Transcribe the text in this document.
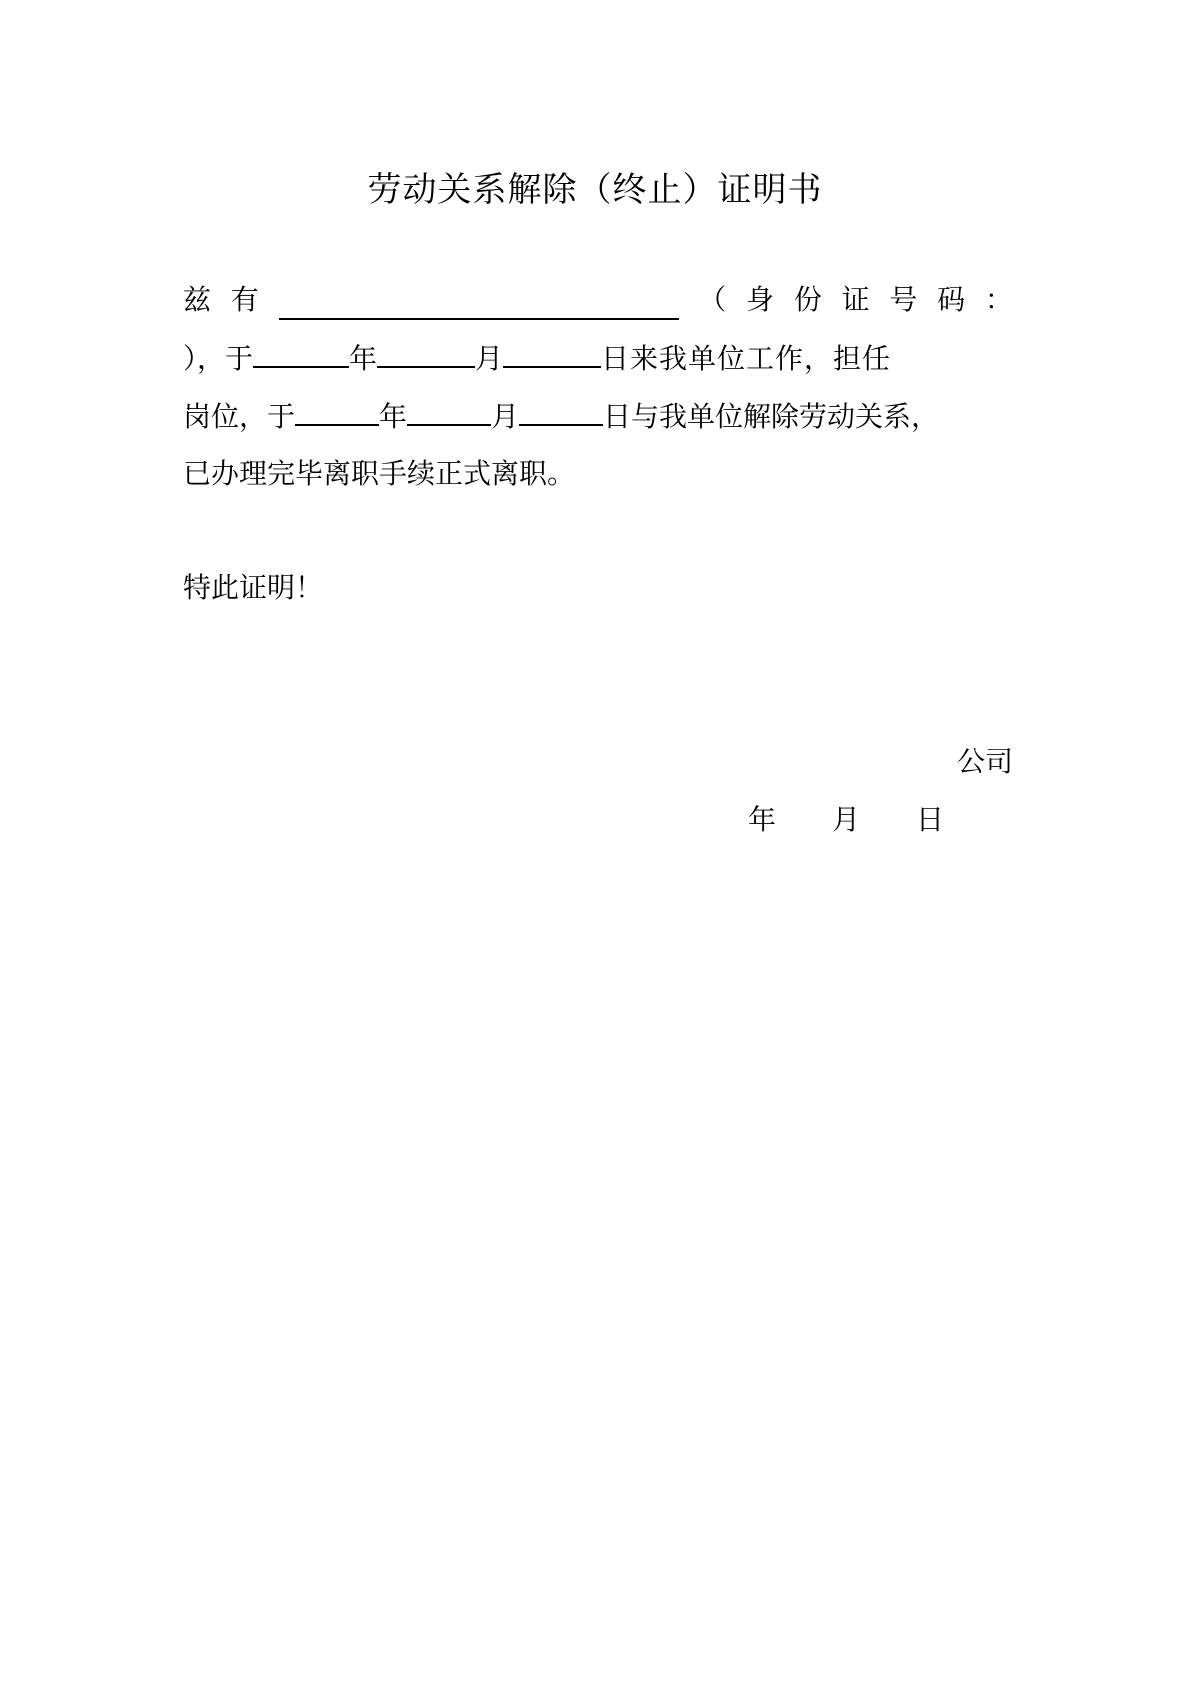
劳动关系解除（终止）证明书
兹 有	（ 身 份 证 号 码 ：
），于	年	月	日来我单位工作，担任
岗位，于	年	月	日与我单位解除劳动关系，
已办理完毕离职手续正式离职。
特此证明！
公司
年 月 日
